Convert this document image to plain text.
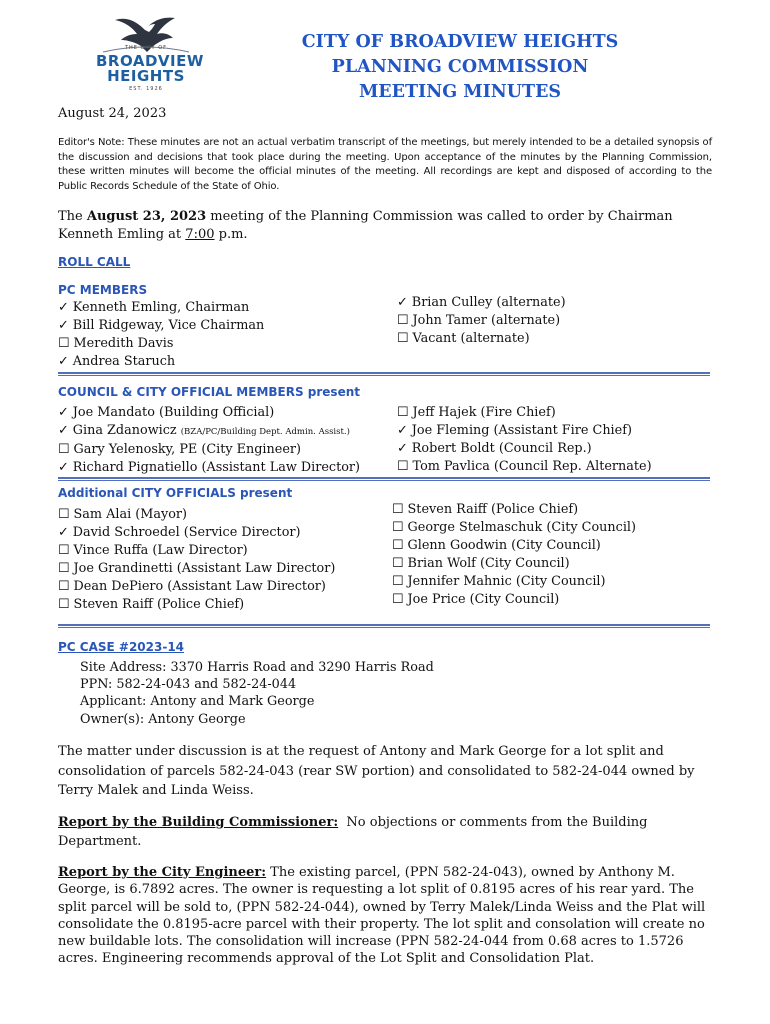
THE CITY OF
BROADVIEW
HEIGHTS
EST. 1926
CITY OF BROADVIEW HEIGHTS
PLANNING COMMISSION
MEETING MINUTES
August 24, 2023
Editor's Note: These minutes are not an actual verbatim transcript of the meetings, but merely intended to be a detailed synopsis of the discussion and decisions that took place during the meeting. Upon acceptance of the minutes by the Planning Commission, these written minutes will become the official minutes of the meeting. All recordings are kept and disposed of according to the Public Records Schedule of the State of Ohio.
The August 23, 2023 meeting of the Planning Commission was called to order by Chairman Kenneth Emling at 7:00 p.m.
ROLL CALL
PC MEMBERS
✓ Kenneth Emling, Chairman
✓ Bill Ridgeway, Vice Chairman
☐ Meredith Davis
✓ Andrea Staruch
✓ Brian Culley (alternate)
☐ John Tamer (alternate)
☐ Vacant (alternate)
COUNCIL & CITY OFFICIAL MEMBERS present
✓ Joe Mandato (Building Official)
✓ Gina Zdanowicz (BZA/PC/Building Dept. Admin. Assist.)
☐ Gary Yelenosky, PE (City Engineer)
✓ Richard Pignatiello (Assistant Law Director)
☐ Jeff Hajek (Fire Chief)
✓ Joe Fleming (Assistant Fire Chief)
✓ Robert Boldt (Council Rep.)
☐ Tom Pavlica (Council Rep. Alternate)
Additional CITY OFFICIALS present
☐ Sam Alai (Mayor)
✓ David Schroedel (Service Director)
☐ Vince Ruffa (Law Director)
☐ Joe Grandinetti (Assistant Law Director)
☐ Dean DePiero (Assistant Law Director)
☐ Steven Raiff (Police Chief)
☐ Steven Raiff (Police Chief)
☐ George Stelmaschuk (City Council)
☐ Glenn Goodwin (City Council)
☐ Brian Wolf (City Council)
☐ Jennifer Mahnic (City Council)
☐ Joe Price (City Council)
PC CASE #2023-14
Site Address: 3370 Harris Road and 3290 Harris Road
PPN: 582-24-043 and 582-24-044
Applicant: Antony and Mark George
Owner(s): Antony George
The matter under discussion is at the request of Antony and Mark George for a lot split and consolidation of parcels 582-24-043 (rear SW portion) and consolidated to 582-24-044 owned by Terry Malek and Linda Weiss.
Report by the Building Commissioner:  No objections or comments from the Building Department.
Report by the City Engineer: The existing parcel, (PPN 582-24-043), owned by Anthony M. George, is 6.7892 acres. The owner is requesting a lot split of 0.8195 acres of his rear yard. The split parcel will be sold to, (PPN 582-24-044), owned by Terry Malek/Linda Weiss and the Plat will consolidate the 0.8195-acre parcel with their property. The lot split and consolation will create no new buildable lots. The consolidation will increase (PPN 582-24-044 from 0.68 acres to 1.5726 acres. Engineering recommends approval of the Lot Split and Consolidation Plat.
